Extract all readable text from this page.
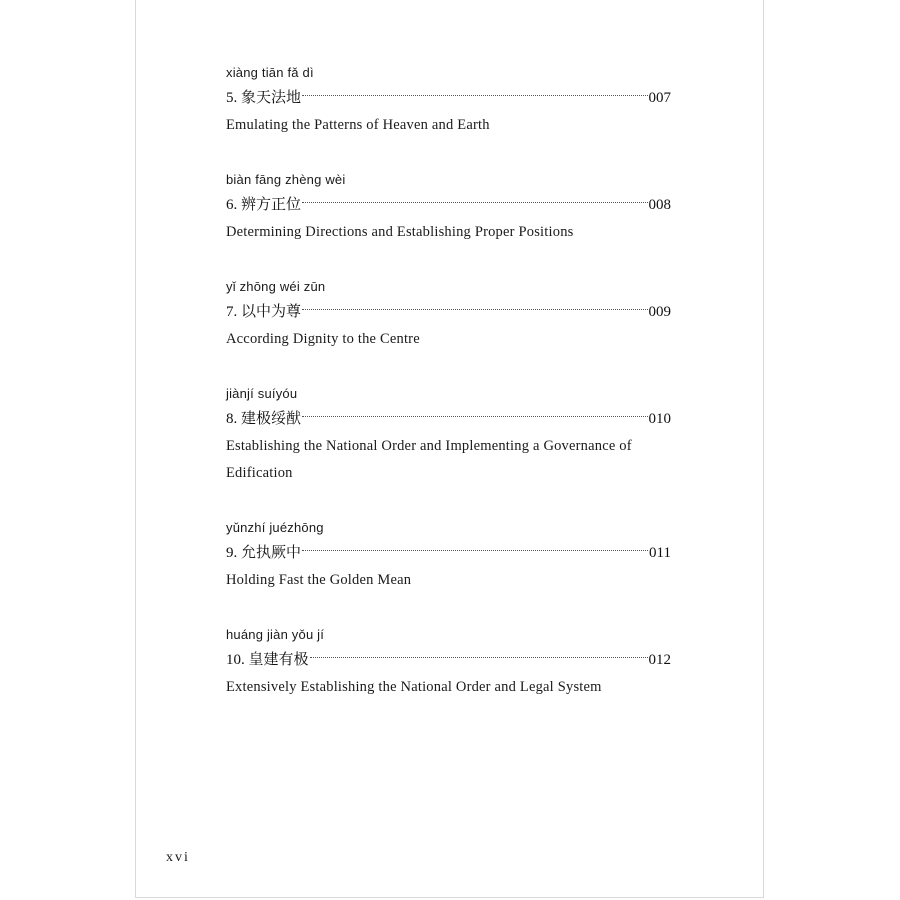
xiàng tiān fǎ dì
5. 象天法地	007
Emulating the Patterns of Heaven and Earth
biàn fāng zhèng wèi
6. 辨方正位	008
Determining Directions and Establishing Proper Positions
yǐ zhōng wéi zūn
7. 以中为尊	009
According Dignity to the Centre
jiànjí suíyóu
8. 建极绥猷	010
Establishing the National Order and Implementing a Governance of Edification
yǔnzhí juézhōng
9. 允执厥中	011
Holding Fast the Golden Mean
huáng jiàn yǒu jí
10. 皇建有极	012
Extensively Establishing the National Order and Legal System
xvi
